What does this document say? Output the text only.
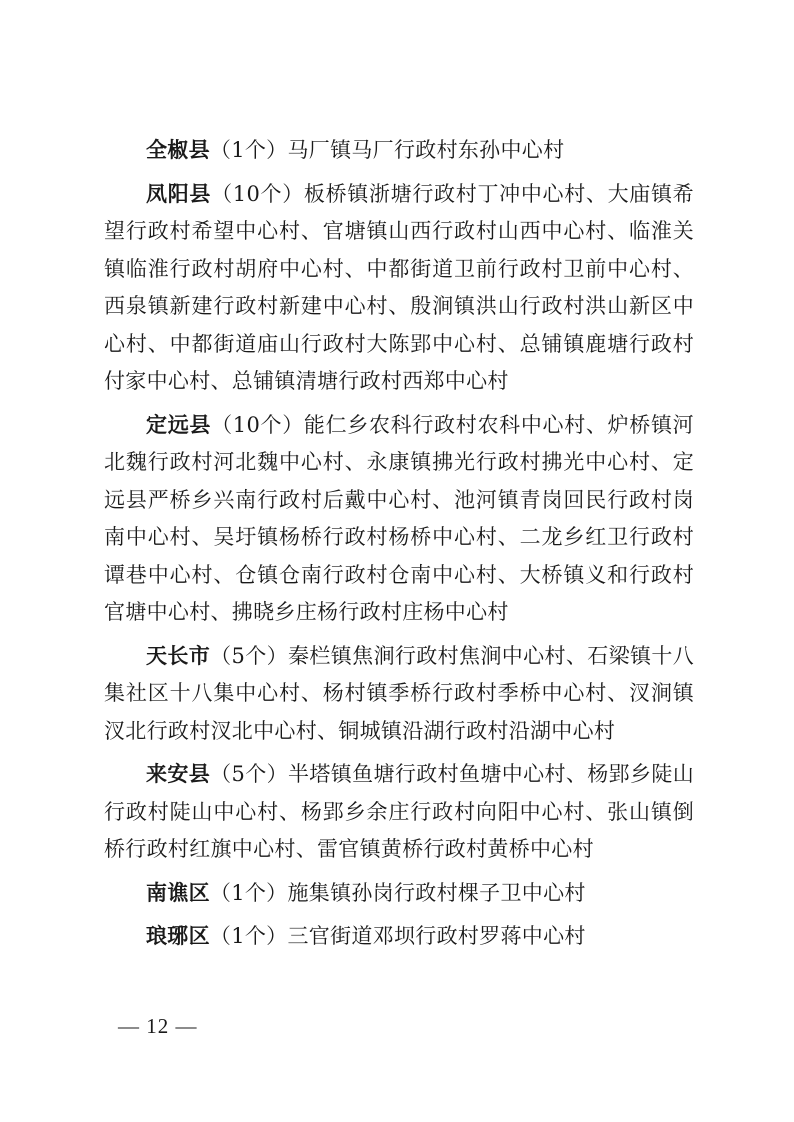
全椒县（1个）马厂镇马厂行政村东孙中心村

凤阳县（10个）板桥镇浙塘行政村丁冲中心村、大庙镇希望行政村希望中心村、官塘镇山西行政村山西中心村、临淮关镇临淮行政村胡府中心村、中都街道卫前行政村卫前中心村、西泉镇新建行政村新建中心村、殷涧镇洪山行政村洪山新区中心村、中都街道庙山行政村大陈郢中心村、总铺镇鹿塘行政村付家中心村、总铺镇清塘行政村西郑中心村

定远县（10个）能仁乡农科行政村农科中心村、炉桥镇河北魏行政村河北魏中心村、永康镇拂光行政村拂光中心村、定远县严桥乡兴南行政村后戴中心村、池河镇青岗回民行政村岗南中心村、吴圩镇杨桥行政村杨桥中心村、二龙乡红卫行政村谭巷中心村、仓镇仓南行政村仓南中心村、大桥镇义和行政村官塘中心村、拂晓乡庄杨行政村庄杨中心村

天长市（5个）秦栏镇焦涧行政村焦涧中心村、石梁镇十八集社区十八集中心村、杨村镇季桥行政村季桥中心村、汊涧镇汊北行政村汊北中心村、铜城镇沿湖行政村沿湖中心村

来安县（5个）半塔镇鱼塘行政村鱼塘中心村、杨郢乡陡山行政村陡山中心村、杨郢乡余庄行政村向阳中心村、张山镇倒桥行政村红旗中心村、雷官镇黄桥行政村黄桥中心村

南谯区（1个）施集镇孙岗行政村棵子卫中心村

琅琊区（1个）三官街道邓坝行政村罗蒋中心村

— 12 —
